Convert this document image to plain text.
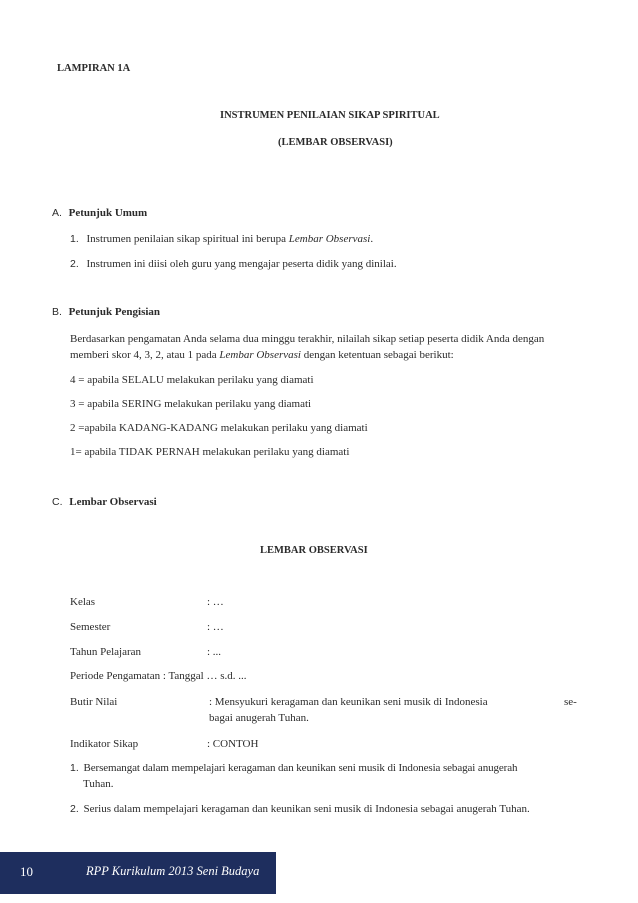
LAMPIRAN 1A
INSTRUMEN PENILAIAN SIKAP SPIRITUAL
(LEMBAR OBSERVASI)
A. Petunjuk Umum
1. Instrumen penilaian sikap spiritual ini berupa Lembar Observasi.
2. Instrumen ini diisi oleh guru yang mengajar peserta didik yang dinilai.
B. Petunjuk Pengisian
Berdasarkan pengamatan Anda selama dua minggu terakhir, nilailah sikap setiap peserta didik Anda dengan
memberi skor 4, 3, 2, atau 1 pada Lembar Observasi dengan ketentuan sebagai berikut:
4 = apabila SELALU melakukan perilaku yang diamati
3 = apabila SERING melakukan perilaku yang diamati
2 =apabila KADANG-KADANG melakukan perilaku yang diamati
1= apabila TIDAK PERNAH melakukan perilaku yang diamati
C. Lembar Observasi
LEMBAR OBSERVASI
Kelas	: …
Semester	: …
Tahun Pelajaran	: ...
Periode Pengamatan : Tanggal … s.d. ...
Butir Nilai	: Mensyukuri keragaman dan keunikan seni musik di Indonesia	se-
bagai anugerah Tuhan.
Indikator Sikap	: CONTOH
1. Bersemangat dalam mempelajari keragaman dan keunikan seni musik di Indonesia sebagai anugerah
Tuhan.
2. Serius dalam mempelajari keragaman dan keunikan seni musik di Indonesia sebagai anugerah Tuhan.
10	RPP Kurikulum 2013 Seni Budaya
